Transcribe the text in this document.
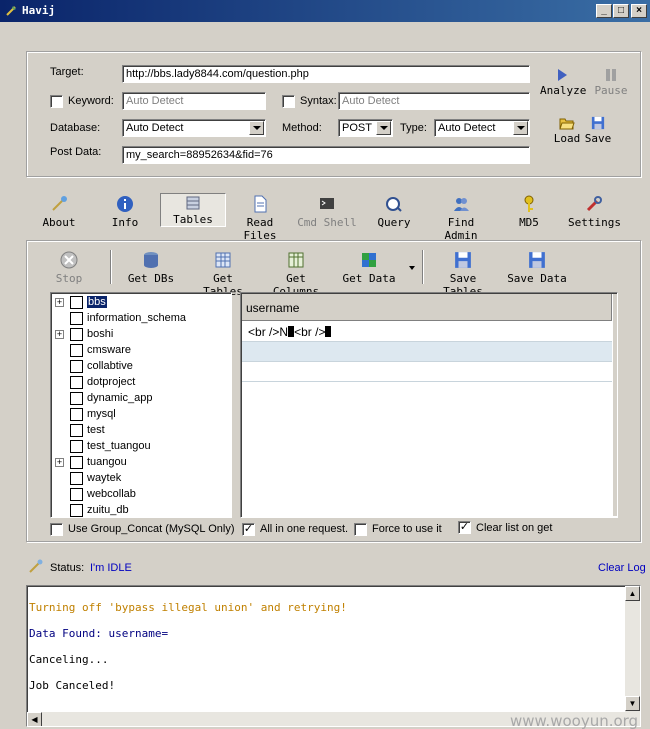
Havij	_	□	×
Target:	http://bbs.lady8844.com/question.php
Keyword:	Auto Detect	Syntax: Auto Detect
Database:	Auto Detect	Method:	POST	Type:	Auto Detect
Post Data:	my_search=88952634&fid=76
Analyze Pause
Load Save
About	Info	Tables	Read Files
Cmd Shell Query	Find Admin
MD5	Settings
Stop	Get DBs	Get	Get	Get Data	Save	Save Data
+ bbs
information_schema
+ boshi
cmsware
collabtive
dotproject
dynamic_app
mysql
test
test_tuangou
+ tuangou
waytek
webcollab
zuitu_db
username
<br />N <br />
Use Group_Concat (MySQL Only) ✓ All in one request. Force to use it ✓ Clear list on get
Status: I'm IDLE	Clear Log
Turning off 'bypass illegal union' and retrying!
Data Found: username=
Canceling...
Job Canceled!
▲
▼
◀	www.wooyun.org
